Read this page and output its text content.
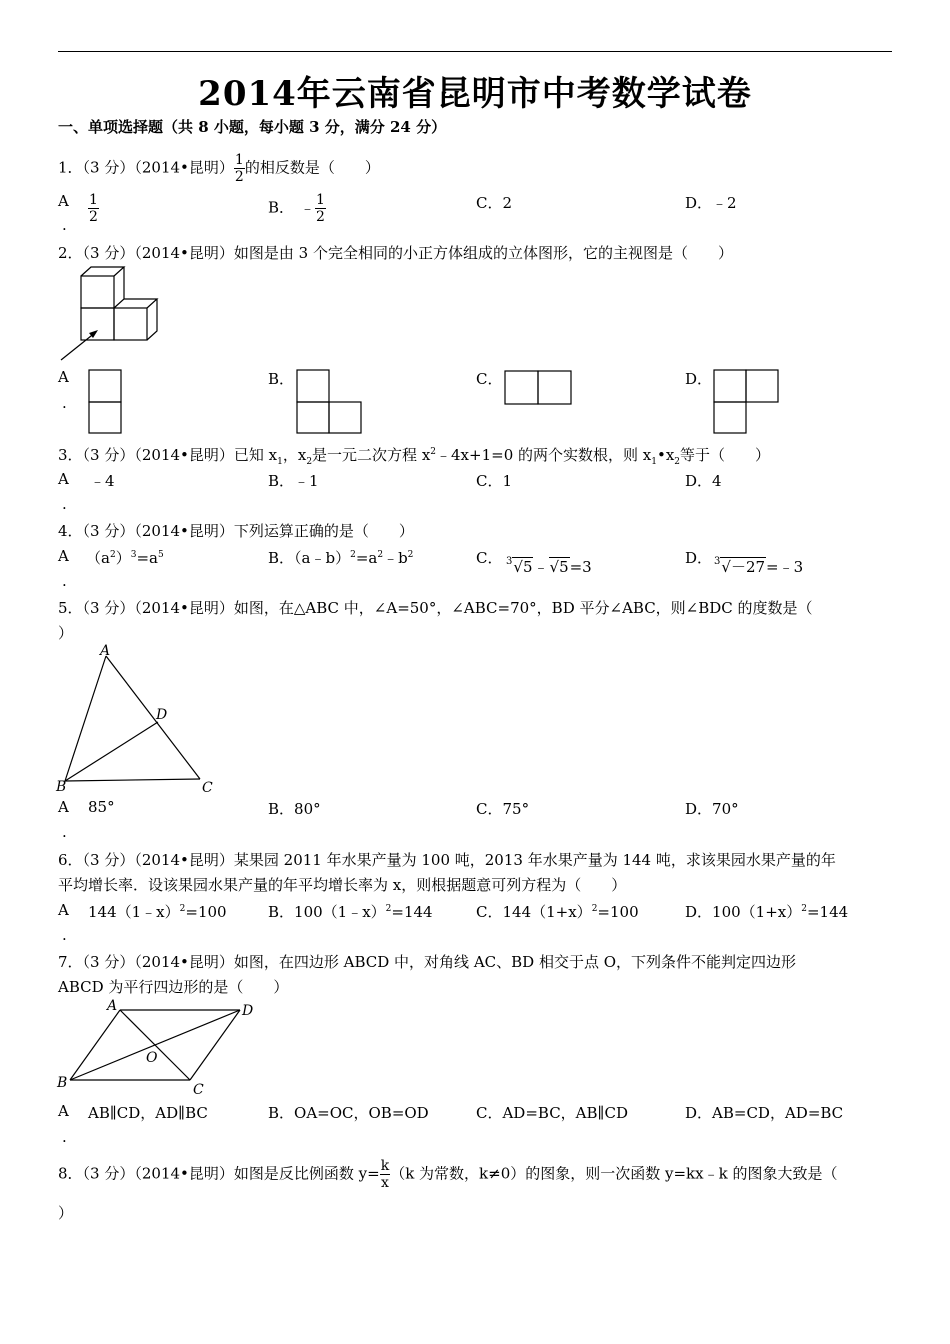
2014年云南省昆明市中考数学试卷
一、单项选择题（共 8 小题，每小题 3 分，满分 24 分）
1．（3 分）（2014•昆明） $\frac{1}{2}$ 的相反数是（　　）
A
. $\frac{1}{2}$	B． ﹣ $\frac{1}{2}$	C．2	D．﹣2
2．（3 分）（2014•昆明）如图是由 3 个完全相同的小正方体组成的立体图形，它的主视图是（　　）
A
.
B．	C．	D．
3．（3 分）（2014•昆明）已知 $x_1$，$x_2$是一元二次方程 $x^2﹣4x+1=0$ 的两个实数根，则 $x_1•x_2$等于（　　）
A
.
﹣4	B．﹣1	C．1	D．4
4．（3 分）（2014•昆明）下列运算正确的是（　　）
A
.
$(a^2)^3=a^5$	B．$(a﹣b)^2=a^2﹣b^2$	C． $^3$√5﹣√5=3	D． $^3$√－27=﹣3
5．（3 分）（2014•昆明）如图，在△ABC 中，∠A=50°，∠ABC=70°，BD 平分∠ABC，则∠BDC 的度数是（
）
A
B	C
D
A
.
85°	B．80°	C．75°	D．70°
6．（3 分）（2014•昆明）某果园 2011 年水果产量为 100 吨，2013 年水果产量为 144 吨，求该果园水果产量的年
平均增长率．设该果园水果产量的年平均增长率为 x，则根据题意可列方程为（　　）
A
.
144（1﹣x）$^2$=100	B．100（1﹣x）$^2$=144	C．$144(1+x)^2=100$	D．$100(1+x)^2=144$
7．（3 分）（2014•昆明）如图，在四边形 ABCD 中，对角线 AC、BD 相交于点 O，下列条件不能判定四边形
ABCD 为平行四边形的是（　　）
A	D
B	C
O
A
.
AB∥CD，AD∥BC	B．OA=OC，OB=OD	C．AD=BC，AB∥CD	D．AB=CD，AD=BC
8．（3 分）（2014•昆明）如图是反比例函数 $y= \frac{k}{x} (k$ 为常数，k≠0）的图象，则一次函数 y=kx﹣k 的图象大致是（
）
